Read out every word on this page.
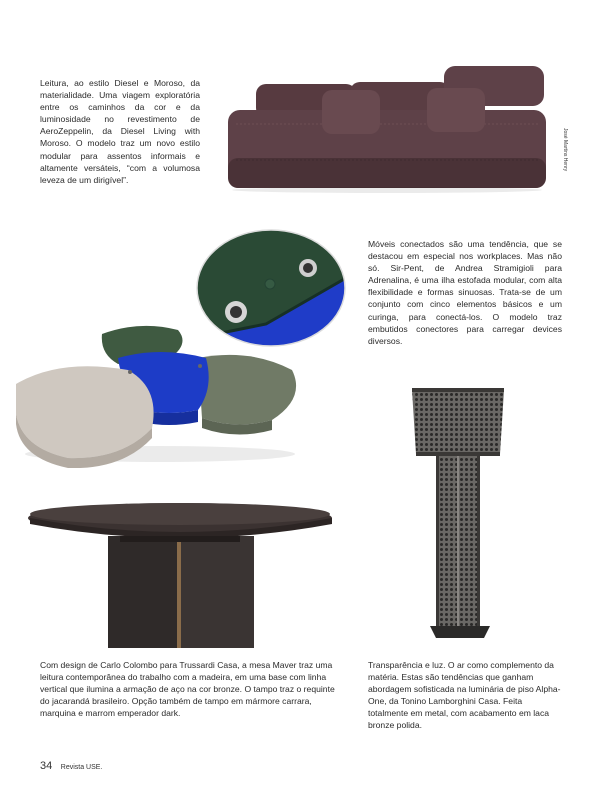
José Martins Henry
Leitura, ao estilo Diesel e Moroso, da materialidade. Uma viagem exploratória entre os caminhos da cor e da luminosidade no revestimento de AeroZeppelin, da Diesel Living with Moroso. O modelo traz um novo estilo modular para assentos informais e altamente versáteis, “com a volumosa leveza de um dirigível”.
Móveis conectados são uma tendência, que se destacou em especial nos workplaces. Mas não só. Sir-Pent, de Andrea Stramigioli para Adrenalina, é uma ilha estofada modular, com alta flexibilidade e formas sinuosas. Trata-se de um conjunto com cinco elementos básicos e um curinga, para conectá-los. O modelo traz embutidos conectores para carregar devices diversos.
Com design de Carlo Colombo para Trussardi Casa, a mesa Maver traz uma leitura contemporânea do trabalho com a madeira, em uma base com linha vertical que ilumina a armação de aço na cor bronze. O tampo traz o requinte do jacarandá brasileiro. Opção também de tampo em mármore carrara, marquina e marrom emperador dark.
Transparência e luz. O ar como complemento da matéria. Estas são tendências que ganham abordagem sofisticada na luminária de piso Alpha-One, da Tonino Lamborghini Casa. Feita totalmente em metal, com acabamento em laca bronze polida.
34 Revista USE.
